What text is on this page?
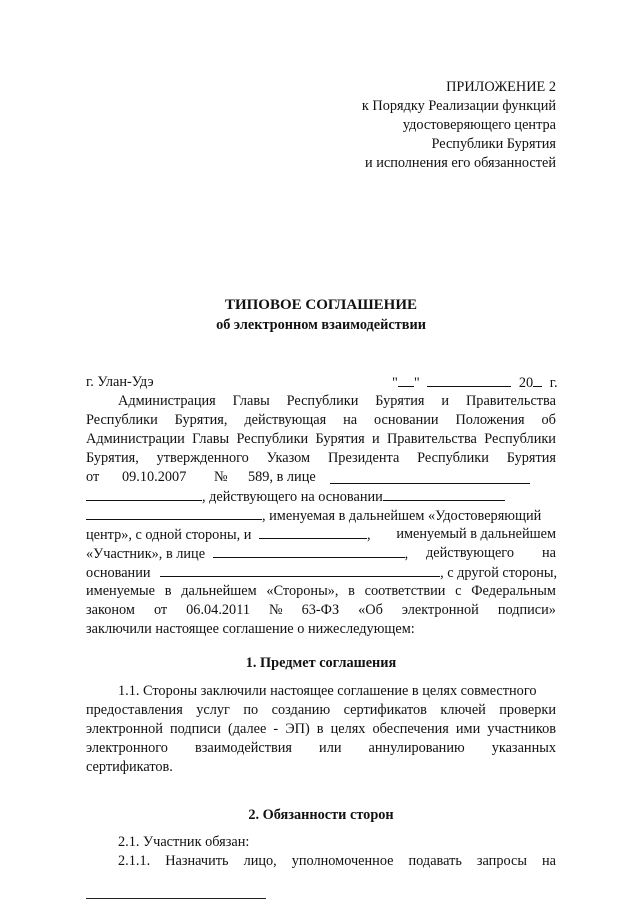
ПРИЛОЖЕНИЕ 2
к Порядку Реализации функций
удостоверяющего центра
Республики Бурятия
и исполнения его обязанностей
ТИПОВОЕ СОГЛАШЕНИЕ
об электронном взаимодействии
г. Улан-Удэ	" "	20 г.
Администрация Главы Республики Бурятия и Правительства
Республики Бурятия, действующая на основании Положения об
Администрации Главы Республики Бурятия и Правительства Республики
Бурятия, утвержденного Указом Президента Республики Бурятия
от 09.10.2007 № 589, в лице
, действующего на основании
, именуемая в дальнейшем «Удостоверяющий
центр», с одной стороны, и	, именуемый в дальнейшем
«Участник», в лице	, действующего на
основании	, с другой стороны,
именуемые в дальнейшем «Стороны», в соответствии с Федеральным
законом от 06.04.2011 № 63-ФЗ «Об электронной подписи»
заключили настоящее соглашение о нижеследующем:
1. Предмет соглашения
1.1. Стороны заключили настоящее соглашение в целях совместного
предоставления услуг по созданию сертификатов ключей проверки
электронной подписи (далее - ЭП) в целях обеспечения ими участников
электронного взаимодействия или аннулированию указанных
сертификатов.
2. Обязанности сторон
2.1. Участник обязан:
2.1.1. Назначить лицо, уполномоченное подавать запросы на
